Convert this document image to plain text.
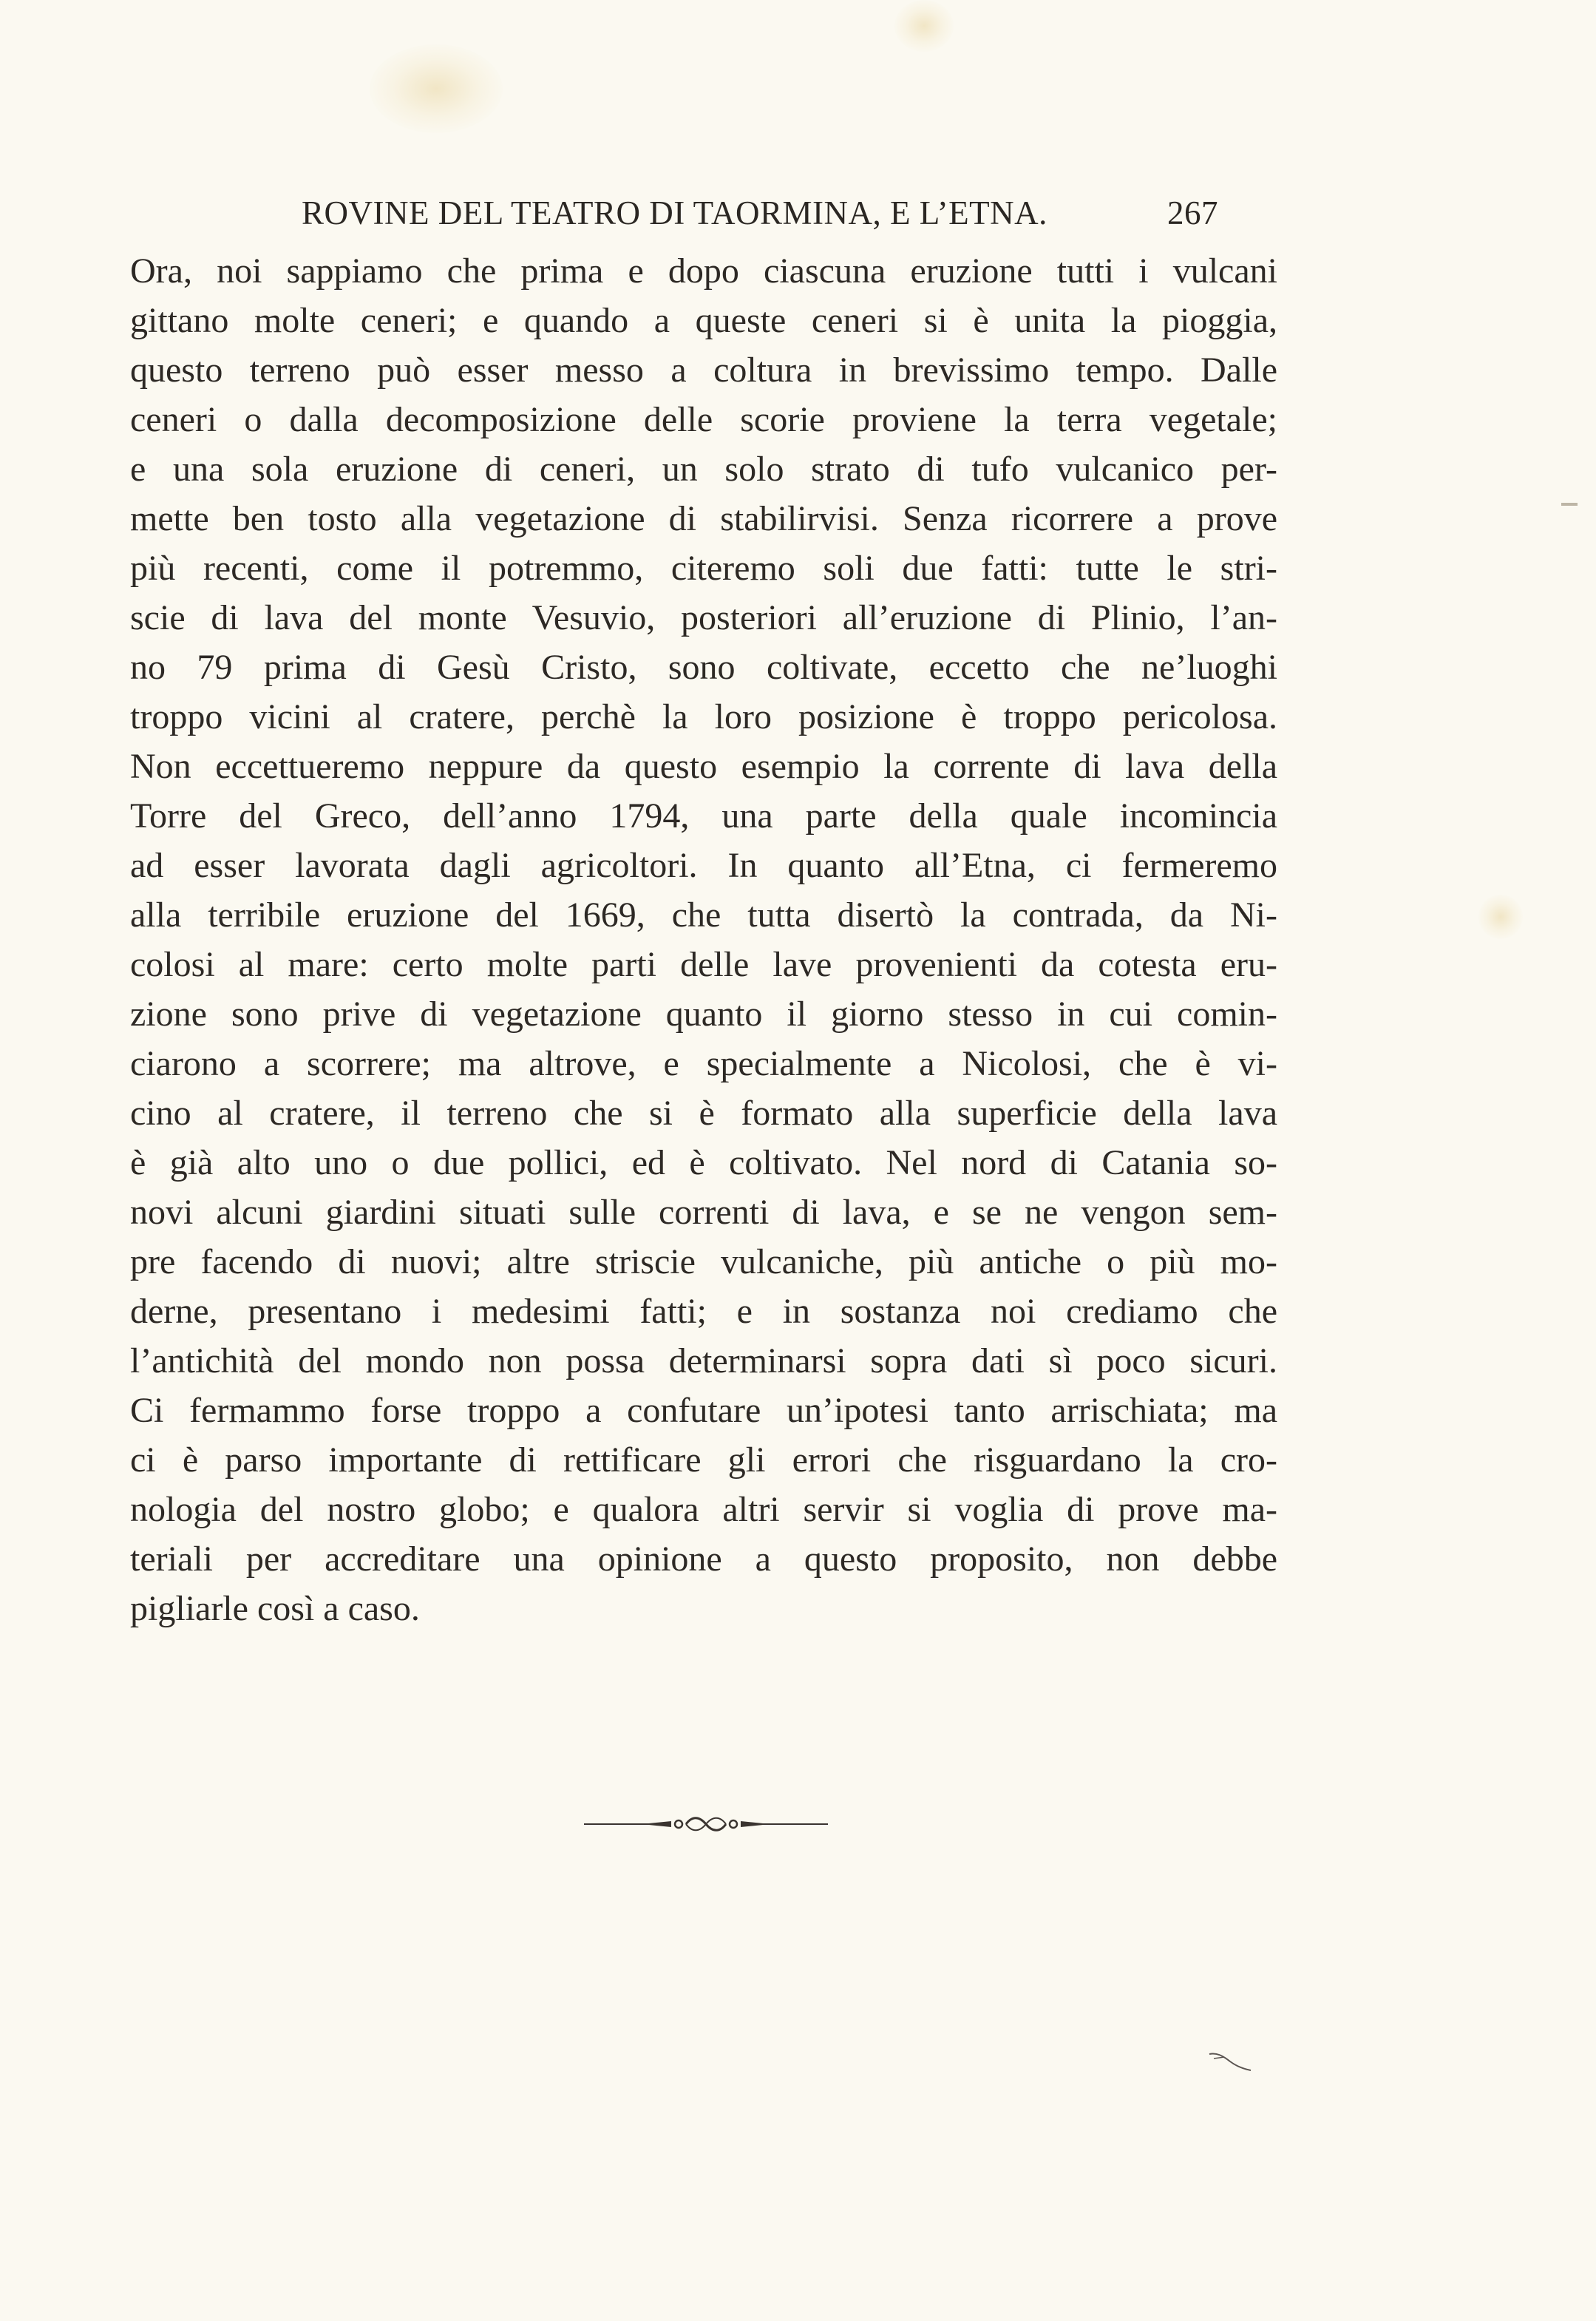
ROVINE DEL TEATRO DI TAORMINA, E L’ETNA.	267
Ora, noi sappiamo che prima e dopo ciascuna eruzione tutti i vulcani
gittano molte ceneri; e quando a queste ceneri si è unita la pioggia,
questo terreno può esser messo a coltura in brevissimo tempo. Dalle
ceneri o dalla decomposizione delle scorie proviene la terra vegetale;
e una sola eruzione di ceneri, un solo strato di tufo vulcanico per-
mette ben tosto alla vegetazione di stabilirvisi. Senza ricorrere a prove
più recenti, come il potremmo, citeremo soli due fatti: tutte le stri-
scie di lava del monte Vesuvio, posteriori all’eruzione di Plinio, l’an-
no 79 prima di Gesù Cristo, sono coltivate, eccetto che ne’luoghi
troppo vicini al cratere, perchè la loro posizione è troppo pericolosa.
Non eccettueremo neppure da questo esempio la corrente di lava della
Torre del Greco, dell’anno 1794, una parte della quale incomincia
ad esser lavorata dagli agricoltori. In quanto all’Etna, ci fermeremo
alla terribile eruzione del 1669, che tutta disertò la contrada, da Ni-
colosi al mare: certo molte parti delle lave provenienti da cotesta eru-
zione sono prive di vegetazione quanto il giorno stesso in cui comin-
ciarono a scorrere; ma altrove, e specialmente a Nicolosi, che è vi-
cino al cratere, il terreno che si è formato alla superficie della lava
è già alto uno o due pollici, ed è coltivato. Nel nord di Catania so-
novi alcuni giardini situati sulle correnti di lava, e se ne vengon sem-
pre facendo di nuovi; altre striscie vulcaniche, più antiche o più mo-
derne, presentano i medesimi fatti; e in sostanza noi crediamo che
l’antichità del mondo non possa determinarsi sopra dati sì poco sicuri.
Ci fermammo forse troppo a confutare un’ipotesi tanto arrischiata; ma
ci è parso importante di rettificare gli errori che risguardano la cro-
nologia del nostro globo; e qualora altri servir si voglia di prove ma-
teriali per accreditare una opinione a questo proposito, non debbe
pigliarle così a caso.
